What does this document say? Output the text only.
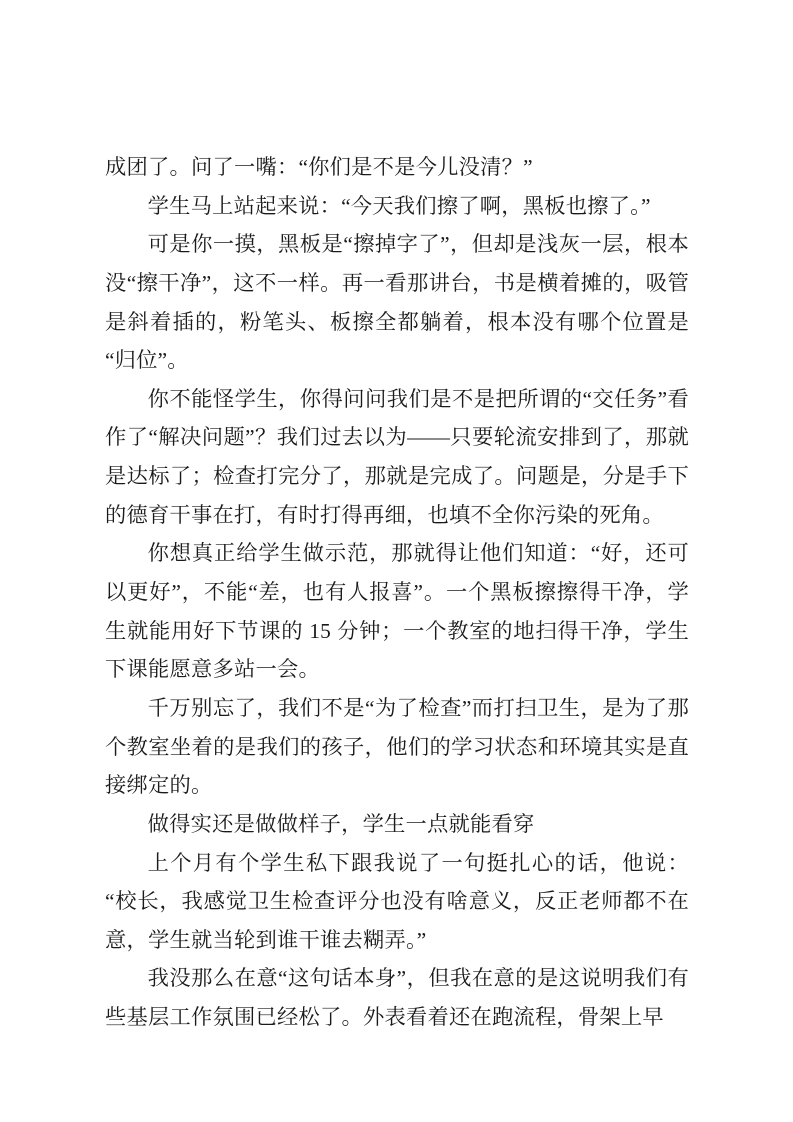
成团了。问了一嘴：“你们是不是今儿没清？”

学生马上站起来说：“今天我们擦了啊，黑板也擦了。”

可是你一摸，黑板是“擦掉字了”，但却是浅灰一层，根本没“擦干净”，这不一样。再一看那讲台，书是横着摊的，吸管是斜着插的，粉笔头、板擦全都躺着，根本没有哪个位置是“归位”。

你不能怪学生，你得问问我们是不是把所谓的“交任务”看作了“解决问题”？我们过去以为——只要轮流安排到了，那就是达标了；检查打完分了，那就是完成了。问题是，分是手下的德育干事在打，有时打得再细，也填不全你污染的死角。

你想真正给学生做示范，那就得让他们知道：“好，还可以更好”，不能“差，也有人报喜”。一个黑板擦擦得干净，学生就能用好下节课的 15 分钟；一个教室的地扫得干净，学生下课能愿意多站一会。

千万别忘了，我们不是“为了检查”而打扫卫生，是为了那个教室坐着的是我们的孩子，他们的学习状态和环境其实是直接绑定的。

做得实还是做做样子，学生一点就能看穿

上个月有个学生私下跟我说了一句挺扎心的话，他说：“校长，我感觉卫生检查评分也没有啥意义，反正老师都不在意，学生就当轮到谁干谁去糊弄。”

我没那么在意“这句话本身”，但我在意的是这说明我们有些基层工作氛围已经松了。外表看着还在跑流程，骨架上早
